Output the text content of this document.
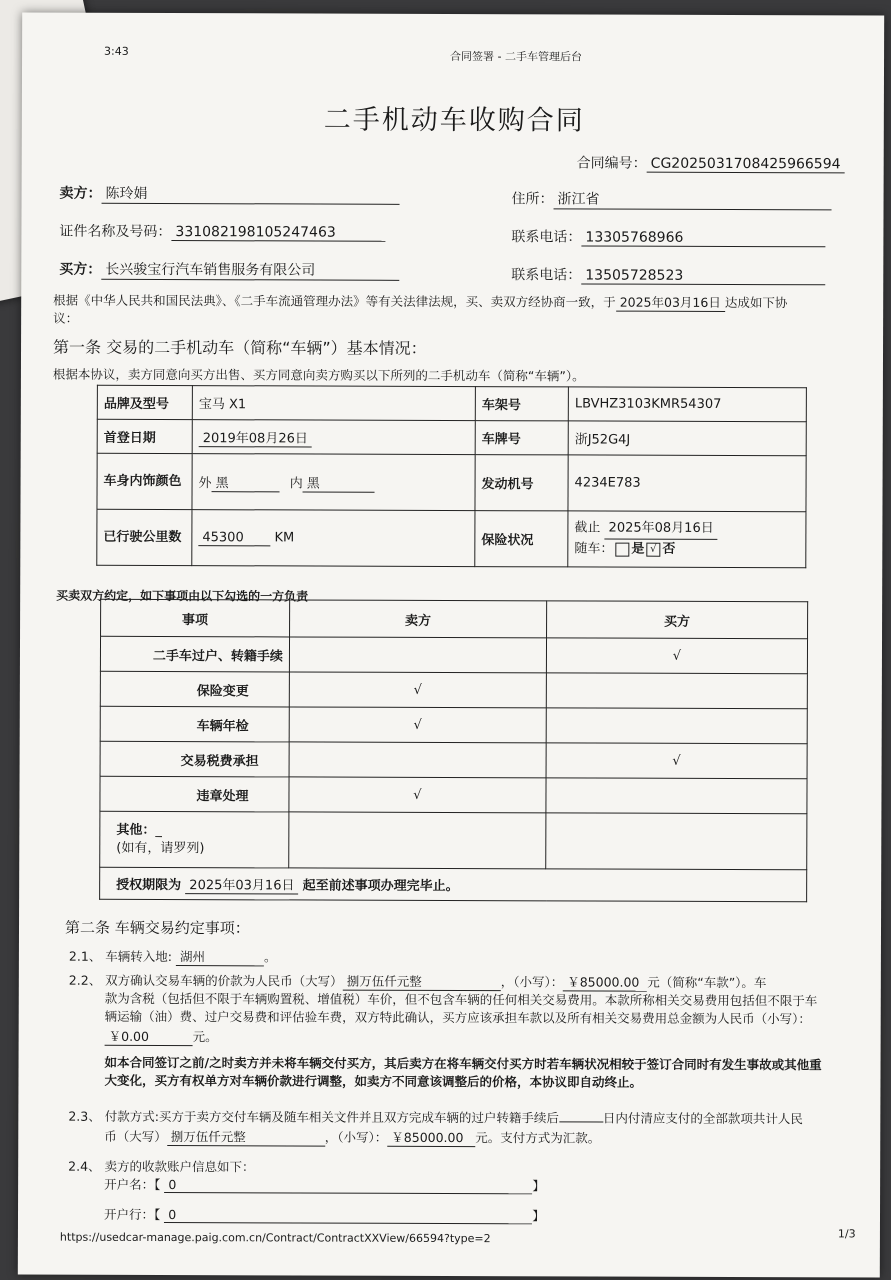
3:43	合同签署 - 二手车管理后台
二手机动车收购合同
合同编号： CG2025031708425966594
卖方： 陈玲娟	住所： 浙江省
证件名称及号码： 331082198105247463	联系电话： 13305768966
买方： 长兴骏宝行汽车销售服务有限公司	联系电话： 13505728523
根据《中华人民共和国民法典》、《二手车流通管理办法》等有关法律法规，买、卖双方经协商一致，于 2025年03月16日 达成如下协
议：
第一条 交易的二手机动车（简称“车辆”）基本情况：
根据本协议，卖方同意向买方出售、买方同意向卖方购买以下所列的二手机动车（简称“车辆”）。
品牌及型号	宝马 X1	车架号	LBVHZ3103KMR54307
首登日期	2019年08月26日	车牌号	浙J52G4J
车身内饰颜色	外 黑 内 黑	发动机号	4234E783
已行驶公里数	45300 KM	保险状况	截止 2025年08月16日
随车： 是 √ 否
买卖双方约定，如下事项由以下勾选的一方负责
事项	卖方	买方
二手车过户、转籍手续		√
保险变更	√	
车辆年检	√	
交易税费承担		√
违章处理	√	
其他：_
(如有，请罗列)		
授权期限为 2025年03月16日 起至前述事项办理完毕止。		
第二条 车辆交易约定事项：
2.1、 车辆转入地: 湖州	。
2.2、 双方确认交易车辆的价款为人民币（大写） 捌万伍仟元整	，（小写）： ￥85000.00 元（简称“车款”）。车
款为含税（包括但不限于车辆购置税、增值税）车价，但不包含车辆的任何相关交易费用。本款所称相关交易费用包括但不限于车
辆运输（油）费、过户交易费和评估验车费，双方特此确认，买方应该承担车款以及所有相关交易费用总金额为人民币（小写）：
￥0.00	元。
如本合同签订之前/之时卖方并未将车辆交付买方，其后卖方在将车辆交付买方时若车辆状况相较于签订合同时有发生事故或其他重
大变化，买方有权单方对车辆价款进行调整，如卖方不同意该调整后的价格，本协议即自动终止。
2.3、 付款方式:买方于卖方交付车辆及随车相关文件并且双方完成车辆的过户转籍手续后	日内付清应支付的全部款项共计人民
币（大写） 捌万伍仟元整	，（小写）： ￥85000.00 元。支付方式为汇款。
2.4、 卖方的收款账户信息如下：
开户名：【 0	】
开户行：【 0	】
https://usedcar-manage.paig.com.cn/Contract/ContractXXView/66594?type=2	1/3
